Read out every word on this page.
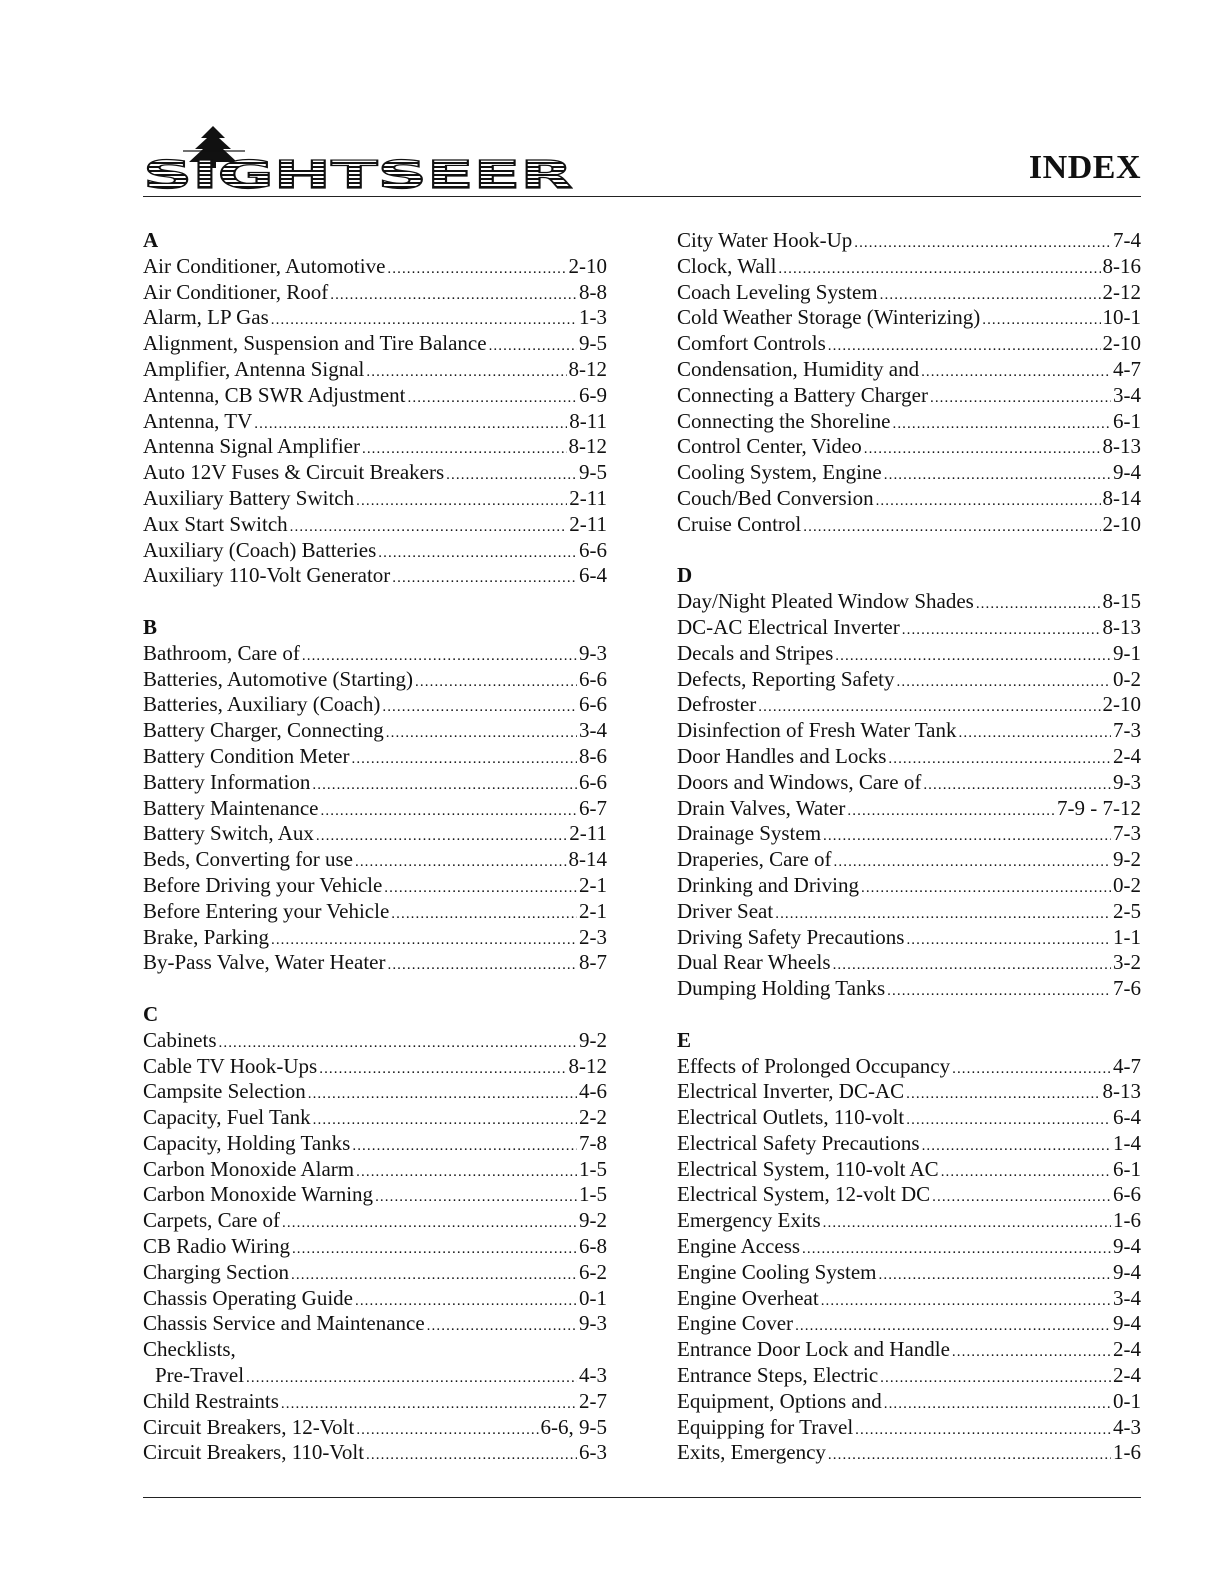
SIGHTSEER	INDEX
A
Air Conditioner, Automotive .....	2-10
Air Conditioner, Roof .....	8-8
Alarm, LP Gas .....	1-3
Alignment, Suspension and Tire Balance .....	9-5
Amplifier, Antenna Signal .....	8-12
Antenna, CB SWR Adjustment .....	6-9
Antenna, TV .....	8-11
Antenna Signal Amplifier .....	8-12
Auto 12V Fuses & Circuit Breakers .....	9-5
Auxiliary Battery Switch .....	2-11
Aux Start Switch .....	2-11
Auxiliary (Coach) Batteries .....	6-6
Auxiliary 110-Volt Generator .....	6-4
B
Bathroom, Care of .....	9-3
Batteries, Automotive (Starting) .....	6-6
Batteries, Auxiliary (Coach) .....	6-6
Battery Charger, Connecting .....	3-4
Battery Condition Meter .....	8-6
Battery Information .....	6-6
Battery Maintenance .....	6-7
Battery Switch, Aux .....	2-11
Beds, Converting for use .....	8-14
Before Driving your Vehicle .....	2-1
Before Entering your Vehicle .....	2-1
Brake, Parking .....	2-3
By-Pass Valve, Water Heater .....	8-7
C
Cabinets .....	9-2
Cable TV Hook-Ups .....	8-12
Campsite Selection .....	4-6
Capacity, Fuel Tank .....	2-2
Capacity, Holding Tanks .....	7-8
Carbon Monoxide Alarm .....	1-5
Carbon Monoxide Warning .....	1-5
Carpets, Care of .....	9-2
CB Radio Wiring .....	6-8
Charging Section .....	6-2
Chassis Operating Guide .....	0-1
Chassis Service and Maintenance .....	9-3
Checklists,
Pre-Travel .....	4-3
Child Restraints .....	2-7
Circuit Breakers, 12-Volt .....	6-6, 9-5
Circuit Breakers, 110-Volt .....	6-3
City Water Hook-Up .....	7-4
Clock, Wall .....	8-16
Coach Leveling System .....	2-12
Cold Weather Storage (Winterizing) .....	10-1
Comfort Controls .....	2-10
Condensation, Humidity and .....	4-7
Connecting a Battery Charger .....	3-4
Connecting the Shoreline .....	6-1
Control Center, Video .....	8-13
Cooling System, Engine .....	9-4
Couch/Bed Conversion .....	8-14
Cruise Control .....	2-10
D
Day/Night Pleated Window Shades .....	8-15
DC-AC Electrical Inverter .....	8-13
Decals and Stripes .....	9-1
Defects, Reporting Safety .....	0-2
Defroster .....	2-10
Disinfection of Fresh Water Tank .....	7-3
Door Handles and Locks .....	2-4
Doors and Windows, Care of .....	9-3
Drain Valves, Water .....	7-9 - 7-12
Drainage System .....	7-3
Draperies, Care of .....	9-2
Drinking and Driving .....	0-2
Driver Seat .....	2-5
Driving Safety Precautions .....	1-1
Dual Rear Wheels .....	3-2
Dumping Holding Tanks .....	7-6
E
Effects of Prolonged Occupancy .....	4-7
Electrical Inverter, DC-AC .....	8-13
Electrical Outlets, 110-volt .....	6-4
Electrical Safety Precautions .....	1-4
Electrical System, 110-volt AC .....	6-1
Electrical System, 12-volt DC .....	6-6
Emergency Exits .....	1-6
Engine Access .....	9-4
Engine Cooling System .....	9-4
Engine Overheat .....	3-4
Engine Cover .....	9-4
Entrance Door Lock and Handle .....	2-4
Entrance Steps, Electric .....	2-4
Equipment, Options and .....	0-1
Equipping for Travel .....	4-3
Exits, Emergency .....	1-6
